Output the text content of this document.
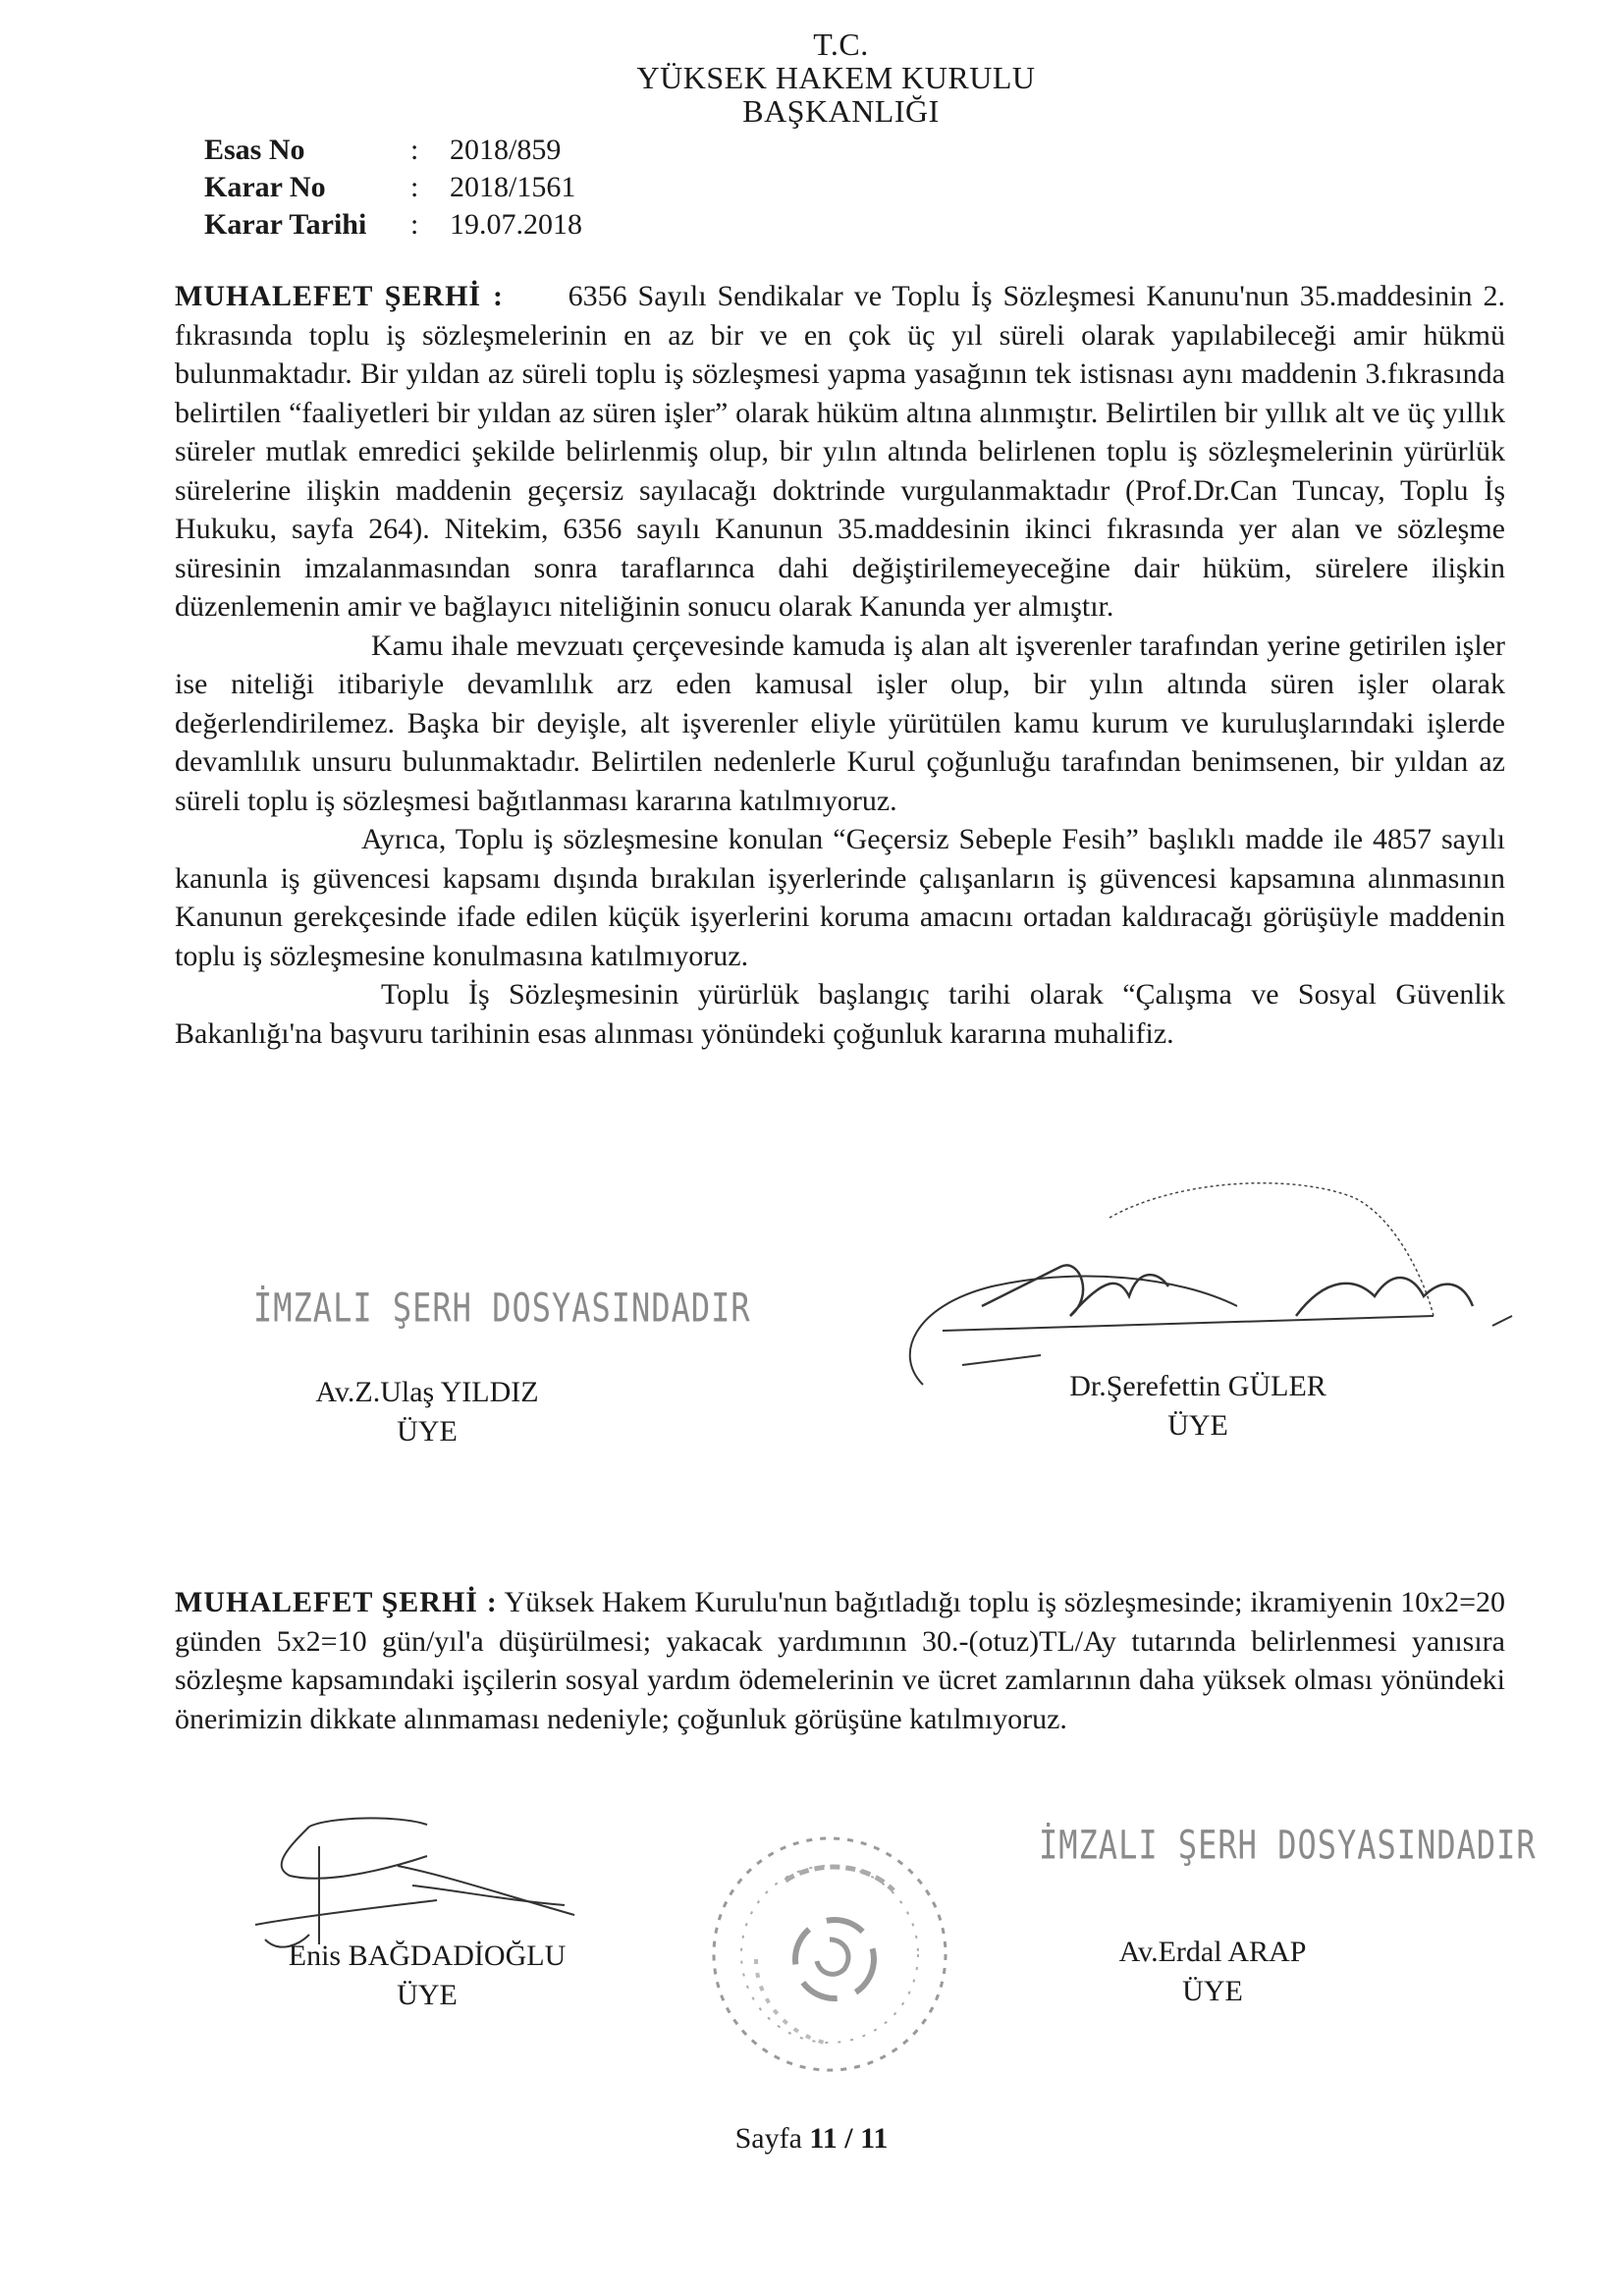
T.C.
YÜKSEK HAKEM KURULU
BAŞKANLIĞI
Esas No	:	2018/859
Karar No	:	2018/1561
Karar Tarihi	:	19.07.2018

MUHALEFET ŞERHİ : 6356 Sayılı Sendikalar ve Toplu İş Sözleşmesi Kanunu'nun 35.maddesinin 2. fıkrasında toplu iş sözleşmelerinin en az bir ve en çok üç yıl süreli olarak yapılabileceği amir hükmü bulunmaktadır. Bir yıldan az süreli toplu iş sözleşmesi yapma yasağının tek istisnası aynı maddenin 3.fıkrasında belirtilen “faaliyetleri bir yıldan az süren işler” olarak hüküm altına alınmıştır. Belirtilen bir yıllık alt ve üç yıllık süreler mutlak emredici şekilde belirlenmiş olup, bir yılın altında belirlenen toplu iş sözleşmelerinin yürürlük sürelerine ilişkin maddenin geçersiz sayılacağı doktrinde vurgulanmaktadır (Prof.Dr.Can Tuncay, Toplu İş Hukuku, sayfa 264). Nitekim, 6356 sayılı Kanunun 35.maddesinin ikinci fıkrasında yer alan ve sözleşme süresinin imzalanmasından sonra taraflarınca dahi değiştirilemeyeceğine dair hüküm, sürelere ilişkin düzenlemenin amir ve bağlayıcı niteliğinin sonucu olarak Kanunda yer almıştır.

Kamu ihale mevzuatı çerçevesinde kamuda iş alan alt işverenler tarafından yerine getirilen işler ise niteliği itibariyle devamlılık arz eden kamusal işler olup, bir yılın altında süren işler olarak değerlendirilemez. Başka bir deyişle, alt işverenler eliyle yürütülen kamu kurum ve kuruluşlarındaki işlerde devamlılık unsuru bulunmaktadır. Belirtilen nedenlerle Kurul çoğunluğu tarafından benimsenen, bir yıldan az süreli toplu iş sözleşmesi bağıtlanması kararına katılmıyoruz.

Ayrıca, Toplu iş sözleşmesine konulan “Geçersiz Sebeple Fesih” başlıklı madde ile 4857 sayılı kanunla iş güvencesi kapsamı dışında bırakılan işyerlerinde çalışanların iş güvencesi kapsamına alınmasının Kanunun gerekçesinde ifade edilen küçük işyerlerini koruma amacını ortadan kaldıracağı görüşüyle maddenin toplu iş sözleşmesine konulmasına katılmıyoruz.

Toplu İş Sözleşmesinin yürürlük başlangıç tarihi olarak “Çalışma ve Sosyal Güvenlik Bakanlığı'na başvuru tarihinin esas alınması yönündeki çoğunluk kararına muhalifiz.

İMZALI ŞERH DOSYASINDADIR
Av.Z.Ulaş YILDIZ
ÜYE
Dr.Şerefettin GÜLER
ÜYE

MUHALEFET ŞERHİ : Yüksek Hakem Kurulu'nun bağıtladığı toplu iş sözleşmesinde; ikramiyenin 10x2=20 günden 5x2=10 gün/yıl'a düşürülmesi; yakacak yardımının 30.-(otuz)TL/Ay tutarında belirlenmesi yanısıra sözleşme kapsamındaki işçilerin sosyal yardım ödemelerinin ve ücret zamlarının daha yüksek olması yönündeki önerimizin dikkate alınmaması nedeniyle; çoğunluk görüşüne katılmıyoruz.

Enis BAĞDADİOĞLU
ÜYE
İMZALI ŞERH DOSYASINDADIR
Av.Erdal ARAP
ÜYE
Sayfa 11 / 11
